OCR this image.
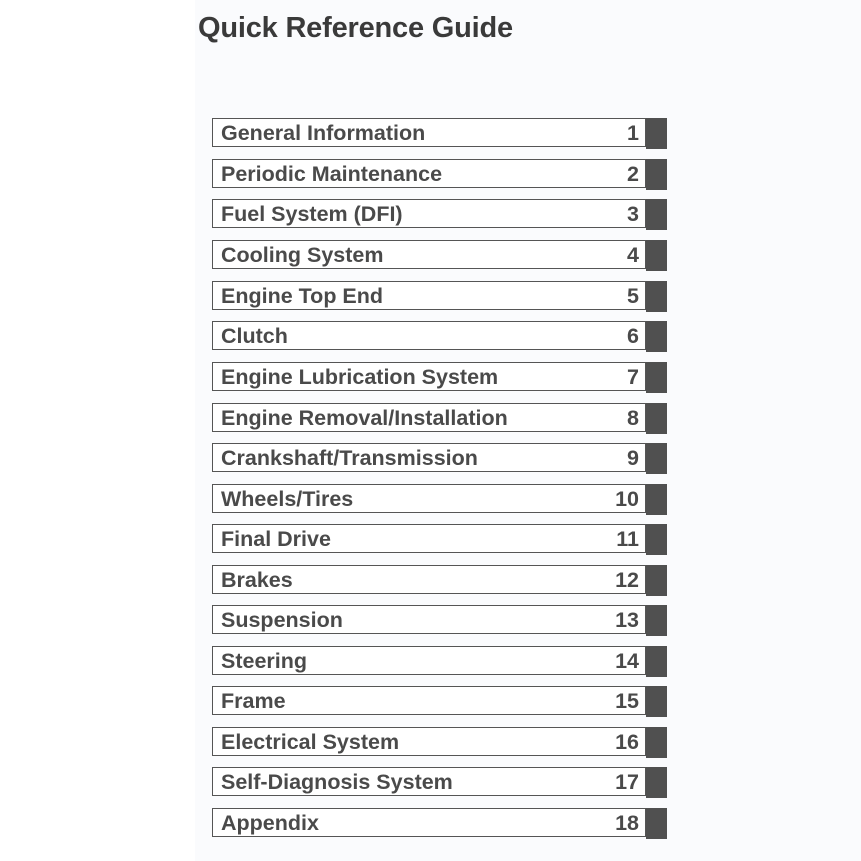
Quick Reference Guide
General Information	1
Periodic Maintenance	2
Fuel System (DFI)	3
Cooling System	4
Engine Top End	5
Clutch	6
Engine Lubrication System	7
Engine Removal/Installation	8
Crankshaft/Transmission	9
Wheels/Tires	10
Final Drive	11
Brakes	12
Suspension	13
Steering	14
Frame	15
Electrical System	16
Self-Diagnosis System	17
Appendix	18
